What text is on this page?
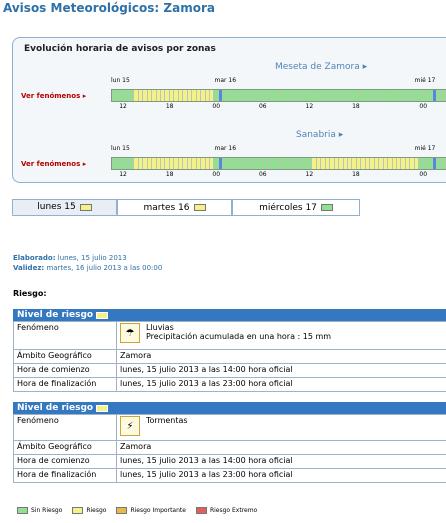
Avisos Meteorológicos: Zamora
Evolución horaria de avisos por zonas
Meseta de Zamora ▸
lun 15	mar 16	mié 17
Ver fenómenos ▸
12	18	00	06	12	18	00
Sanabria ▸
lun 15	mar 16	mié 17
Ver fenómenos ▸
12	18	00	06	12	18	00
lunes 15	martes 16	miércoles 17
Elaborado: lunes, 15 julio 2013
Validez: martes, 16 julio 2013 a las 00:00
Riesgo:
Nivel de riesgo
Fenómeno	☂ Lluvias
Precipitación acumulada en una hora : 15 mm

Ámbito Geográfico	Zamora
Hora de comienzo	lunes, 15 julio 2013 a las 14:00 hora oficial
Hora de finalización	lunes, 15 julio 2013 a las 23:00 hora oficial
Nivel de riesgo
Fenómeno	⚡ Tormentas

Ámbito Geográfico	Zamora
Hora de comienzo	lunes, 15 julio 2013 a las 14:00 hora oficial
Hora de finalización	lunes, 15 julio 2013 a las 23:00 hora oficial
Sin Riesgo	Riesgo	Riesgo Importante	Riesgo Extremo
